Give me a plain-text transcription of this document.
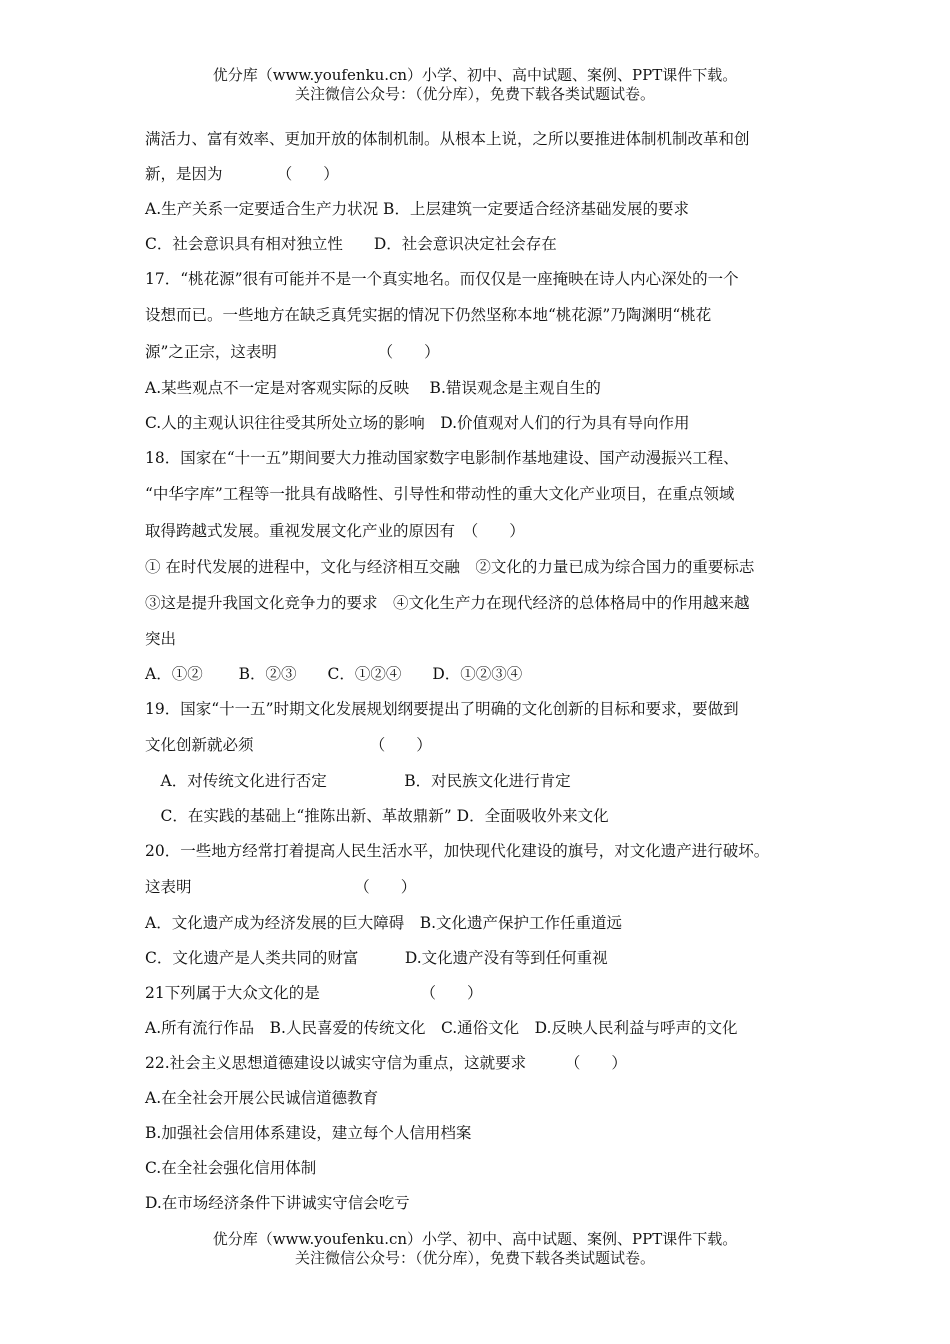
优分库（www.youfenku.cn）小学、初中、高中试题、案例、PPT课件下载。
关注微信公众号：（优分库），免费下载各类试题试卷。
满活力、富有效率、更加开放的体制机制。从根本上说，之所以要推进体制机制改革和创
新，是因为　　　　（　　）
A.生产关系一定要适合生产力状况 B．上层建筑一定要适合经济基础发展的要求
C．社会意识具有相对独立性　　D．社会意识决定社会存在
17．“桃花源”很有可能并不是一个真实地名。而仅仅是一座掩映在诗人内心深处的一个
设想而已。一些地方在缺乏真凭实据的情况下仍然坚称本地“桃花源”乃陶渊明“桃花
源”之正宗，这表明　　　　　　　（　　）
A.某些观点不一定是对客观实际的反映　 B.错误观念是主观自生的
C.人的主观认识往往受其所处立场的影响　D.价值观对人们的行为具有导向作用
18．国家在“十一五”期间要大力推动国家数字电影制作基地建设、国产动漫振兴工程、
“中华字库”工程等一批具有战略性、引导性和带动性的重大文化产业项目，在重点领域
取得跨越式发展。重视发展文化产业的原因有　（　　）
① 在时代发展的进程中，文化与经济相互交融　②文化的力量已成为综合国力的重要标志
③这是提升我国文化竞争力的要求　④文化生产力在现代经济的总体格局中的作用越来越
突出
A．①②　　 B．②③　　C．①②④　　D．①②③④
19．国家“十一五”时期文化发展规划纲要提出了明确的文化创新的目标和要求，要做到
文化创新就必须　　　　　　　　（　　）
　A．对传统文化进行否定　　　　　B．对民族文化进行肯定
　C．在实践的基础上“推陈出新、革故鼎新” D．全面吸收外来文化
20．一些地方经常打着提高人民生活水平，加快现代化建设的旗号，对文化遗产进行破坏。
这表明　　　　　　　　　　　（　　）
A．文化遗产成为经济发展的巨大障碍　B.文化遗产保护工作任重道远
C．文化遗产是人类共同的财富　　　D.文化遗产没有等到任何重视
21下列属于大众文化的是　　　　　　　（　　）
A.所有流行作品　B.人民喜爱的传统文化　C.通俗文化　D.反映人民利益与呼声的文化
22.社会主义思想道德建设以诚实守信为重点，这就要求　　　（　　）
A.在全社会开展公民诚信道德教育
B.加强社会信用体系建设，建立每个人信用档案
C.在全社会强化信用体制
D.在市场经济条件下讲诚实守信会吃亏
优分库（www.youfenku.cn）小学、初中、高中试题、案例、PPT课件下载。
关注微信公众号：（优分库），免费下载各类试题试卷。
